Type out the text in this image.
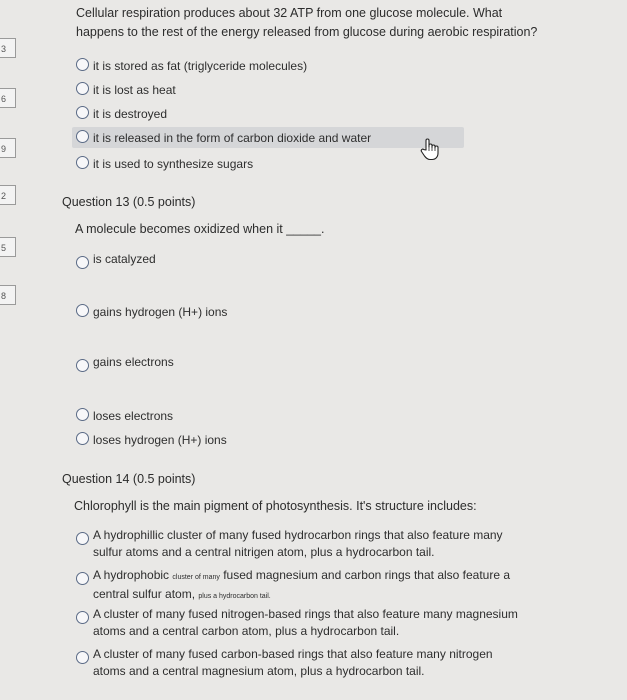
3
6
9
2
5
8
Cellular respiration produces about 32 ATP from one glucose molecule. What happens to the rest of the energy released from glucose during aerobic respiration?
it is stored as fat (triglyceride molecules)
it is lost as heat
it is destroyed
it is released in the form of carbon dioxide and water
it is used to synthesize sugars
Question 13 (0.5 points)
A molecule becomes oxidized when it _____.
is catalyzed
gains hydrogen (H+) ions
gains electrons
loses electrons
loses hydrogen (H+) ions
Question 14 (0.5 points)
Chlorophyll is the main pigment of photosynthesis. It's structure includes:
A hydrophillic cluster of many fused hydrocarbon rings that also feature many
sulfur atoms and a central nitrigen atom, plus a hydrocarbon tail.
A hydrophobic cluster of many fused magnesium and carbon rings that also feature a
central sulfur atom, plus a hydrocarbon tail.
A cluster of many fused nitrogen-based rings that also feature many magnesium
atoms and a central carbon atom, plus a hydrocarbon tail.
A cluster of many fused carbon-based rings that also feature many nitrogen
atoms and a central magnesium atom, plus a hydrocarbon tail.
